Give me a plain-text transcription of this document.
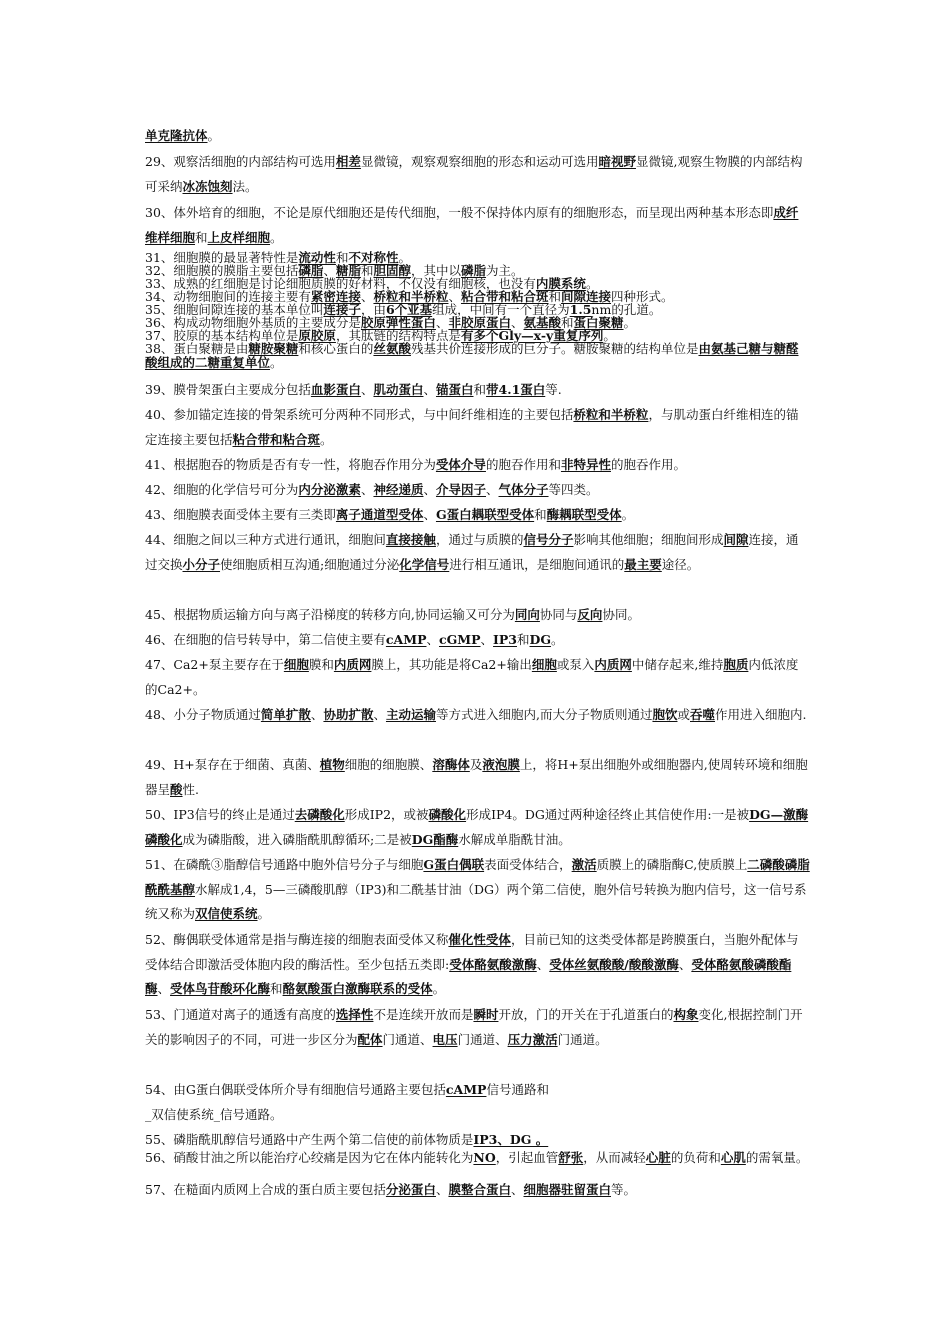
单克隆抗体。

29、观察活细胞的内部结构可选用相差显微镜，观察观察细胞的形态和运动可选用暗视野显微镜,观察生物膜的内部结构可采纳冰冻蚀刻法。

30、体外培育的细胞，不论是原代细胞还是传代细胞，一般不保持体内原有的细胞形态，而呈现出两种基本形态即成纤维样细胞和上皮样细胞。

31、细胞膜的最显著特性是流动性和不对称性。

32、细胞膜的膜脂主要包括磷脂、糖脂和胆固醇，其中以磷脂为主。

33、成熟的红细胞是讨论细胞质膜的好材料，不仅没有细胞核，也没有内膜系统。

34、动物细胞间的连接主要有紧密连接、桥粒和半桥粒、粘合带和粘合斑和间隙连接四种形式。

35、细胞间隙连接的基本单位叫连接子，由6个亚基组成，中间有一个直径为1.5nm的孔道。

36、构成动物细胞外基质的主要成分是胶原弹性蛋白、非胶原蛋白、氨基酸和蛋白聚糖。

37、胶原的基本结构单位是原胶原，其肽链的结构特点是有多个Gly—x-y重复序列。

38、蛋白聚糖是由糖胺聚糖和核心蛋白的丝氨酸残基共价连接形成的巨分子。糖胺聚糖的结构单位是由氨基己糖与糖醛酸组成的二糖重复单位。

39、膜骨架蛋白主要成分包括血影蛋白、肌动蛋白、锚蛋白和带4.1蛋白等.

40、参加锚定连接的骨架系统可分两种不同形式，与中间纤维相连的主要包括桥粒和半桥粒，与肌动蛋白纤维相连的锚定连接主要包括粘合带和粘合斑。

41、根据胞吞的物质是否有专一性，将胞吞作用分为受体介导的胞吞作用和非特异性的胞吞作用。

42、细胞的化学信号可分为内分泌激素、神经递质、介导因子、气体分子等四类。

43、细胞膜表面受体主要有三类即离子通道型受体、G蛋白耦联型受体和酶耦联型受体。

44、细胞之间以三种方式进行通讯，细胞间直接接触，通过与质膜的信号分子影响其他细胞；细胞间形成间隙连接，通过交换小分子使细胞质相互沟通;细胞通过分泌化学信号进行相互通讯，是细胞间通讯的最主要途径。

45、根据物质运输方向与离子沿梯度的转移方向,协同运输又可分为同向协同与反向协同。

46、在细胞的信号转导中，第二信使主要有cAMP、cGMP、IP3和DG。

47、Ca2+泵主要存在于细胞膜和内质网膜上，其功能是将Ca2+输出细胞或泵入内质网中储存起来,维持胞质内低浓度的Ca2+。

48、小分子物质通过简单扩散、协助扩散、主动运输等方式进入细胞内,而大分子物质则通过胞饮或吞噬作用进入细胞内.

49、H+泵存在于细菌、真菌、植物细胞的细胞膜、溶酶体及液泡膜上，将H+泵出细胞外或细胞器内,使周转环境和细胞器呈酸性.

50、IP3信号的终止是通过去磷酸化形成IP2，或被磷酸化形成IP4。DG通过两种途径终止其信使作用:一是被DG—激酶磷酸化成为磷脂酸，进入磷脂酰肌醇循环;二是被DG酯酶水解成单脂酰甘油。

51、在磷酰③脂醇信号通路中胞外信号分子与细胞G蛋白偶联表面受体结合，激活质膜上的磷脂酶C,使质膜上二磷酸磷脂酰酰基醇水解成1,4，5—三磷酸肌醇（IP3)和二酰基甘油（DG）两个第二信使，胞外信号转换为胞内信号，这一信号系统又称为双信使系统。

52、酶偶联受体通常是指与酶连接的细胞表面受体又称催化性受体，目前已知的这类受体都是跨膜蛋白，当胞外配体与受体结合即激活受体胞内段的酶活性。至少包括五类即:受体酪氨酸激酶、受体丝氨酸酸/酸酸激酶、受体酪氨酸磷酸酯酶、受体鸟苷酸环化酶和酪氨酸蛋白激酶联系的受体。

53、门通道对离子的通透有高度的选择性不是连续开放而是瞬时开放，门的开关在于孔道蛋白的构象变化,根据控制门开关的影响因子的不同，可进一步区分为配体门通道、电压门通道、压力激活门通道。

54、由G蛋白偶联受体所介导有细胞信号通路主要包括cAMP信号通路和

_双信使系统_信号通路。

55、磷脂酰肌醇信号通路中产生两个第二信使的前体物质是IP3、DG 。

56、硝酸甘油之所以能治疗心绞痛是因为它在体内能转化为NO，引起血管舒张，从而减轻心脏的负荷和心肌的需氧量。

57、在糙面内质网上合成的蛋白质主要包括分泌蛋白、膜整合蛋白、细胞器驻留蛋白等。
